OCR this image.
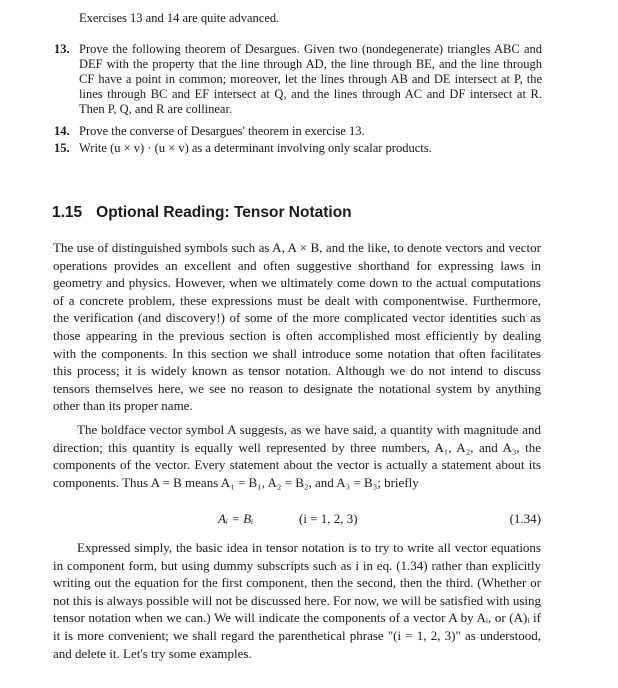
Exercises 13 and 14 are quite advanced.
13. Prove the following theorem of Desargues. Given two (nondegenerate) triangles ABC and DEF with the property that the line through AD, the line through BE, and the line through CF have a point in common; moreover, let the lines through AB and DE intersect at P, the lines through BC and EF intersect at Q, and the lines through AC and DF intersect at R. Then P, Q, and R are collinear.
14. Prove the converse of Desargues' theorem in exercise 13.
15. Write (u × v) · (u × v) as a determinant involving only scalar products.
1.15 Optional Reading: Tensor Notation

The use of distinguished symbols such as A, A × B, and the like, to denote vectors and vector operations provides an excellent and often suggestive shorthand for expressing laws in geometry and physics. However, when we ultimately come down to the actual computations of a concrete problem, these expressions must be dealt with componentwise. Furthermore, the verification (and discovery!) of some of the more complicated vector identities such as those appearing in the previous section is often accomplished most efficiently by dealing with the components. In this section we shall introduce some notation that often facilitates this process; it is widely known as tensor notation. Although we do not intend to discuss tensors themselves here, we see no reason to designate the notational system by anything other than its proper name.

The boldface vector symbol A suggests, as we have said, a quantity with magnitude and direction; this quantity is equally well represented by three numbers, A₁, A₂, and A₃, the components of the vector. Every statement about the vector is actually a statement about its components. Thus A = B means A₁ = B₁, A₂ = B₂, and A₃ = B₃; briefly

Aᵢ = Bᵢ	(i = 1, 2, 3)	(1.34)

Expressed simply, the basic idea in tensor notation is to try to write all vector equations in component form, but using dummy subscripts such as i in eq. (1.34) rather than explicitly writing out the equation for the first component, then the second, then the third. (Whether or not this is always possible will not be discussed here. For now, we will be satisfied with using tensor notation when we can.) We will indicate the components of a vector A by Aᵢ, or (A)ᵢ if it is more convenient; we shall regard the parenthetical phrase "(i = 1, 2, 3)" as understood, and delete it. Let's try some examples.
